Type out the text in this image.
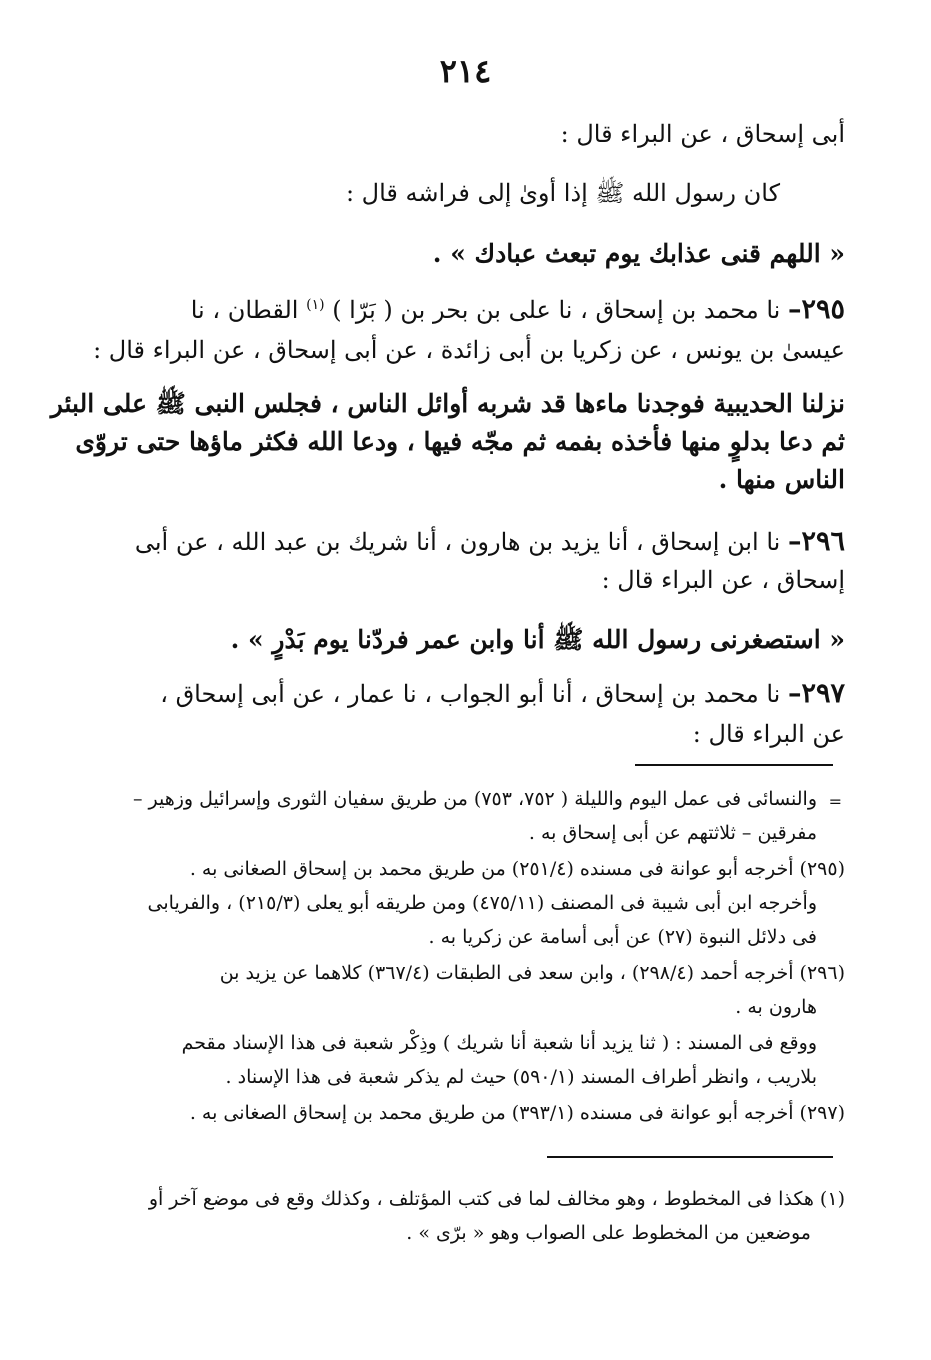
٢١٤
أبى إسحاق ، عن البراء قال :
كان رسول الله ﷺ إذا أوىٰ إلى فراشه قال :
« اللهم قنى عذابك يوم تبعث عبادك » .
٢٩٥– نا محمد بن إسحاق ، نا على بن بحر بن ( بَرّا ) $^{(١)}$ القطان ، نا
عيسىٰ بن يونس ، عن زكريا بن أبى زائدة ، عن أبى إسحاق ، عن البراء قال :
نزلنا الحديبية فوجدنا ماءها قد شربه أوائل الناس ، فجلس النبى ﷺ على البئر
ثم دعا بدلوٍ منها فأخذه بفمه ثم مجّه فيها ، ودعا الله فكثر ماؤها حتى تروّى
الناس منها .
٢٩٦– نا ابن إسحاق ، أنا يزيد بن هارون ، أنا شريك بن عبد الله ، عن أبى
إسحاق ، عن البراء قال :
« استصغرنى رسول الله ﷺ أنا وابن عمر فردّنا يوم بَدْرٍ » .
٢٩٧– نا محمد بن إسحاق ، أنا أبو الجواب ، نا عمار ، عن أبى إسحاق ،
عن البراء قال :
=
والنسائى فى عمل اليوم والليلة ( ٧٥٢، ٧٥٣) من طريق سفيان الثورى وإسرائيل وزهير –
مفرقين – ثلاثتهم عن أبى إسحاق به .
(٢٩٥) أخرجه أبو عوانة فى مسنده (٢٥١/٤) من طريق محمد بن إسحاق الصغانى به .
وأخرجه ابن أبى شيبة فى المصنف (٤٧٥/١١) ومن طريقه أبو يعلى (٢١٥/٣) ، والفريابى
فى دلائل النبوة (٢٧) عن أبى أسامة عن زكريا به .
(٢٩٦) أخرجه أحمد (٢٩٨/٤) ، وابن سعد فى الطبقات (٣٦٧/٤) كلاهما عن يزيد بن
هارون به .
ووقع فى المسند : ( ثنا يزيد أنا شعبة أنا شريك ) وذِكْر شعبة فى هذا الإسناد مقحم
بلاريب ، وانظر أطراف المسند (٥٩٠/١) حيث لم يذكر شعبة فى هذا الإسناد .
(٢٩٧) أخرجه أبو عوانة فى مسنده (٣٩٣/١) من طريق محمد بن إسحاق الصغانى به .
(١) هكذا فى المخطوط ، وهو مخالف لما فى كتب المؤتلف ، وكذلك وقع فى موضع آخر أو
موضعين من المخطوط على الصواب وهو « برّى » .
